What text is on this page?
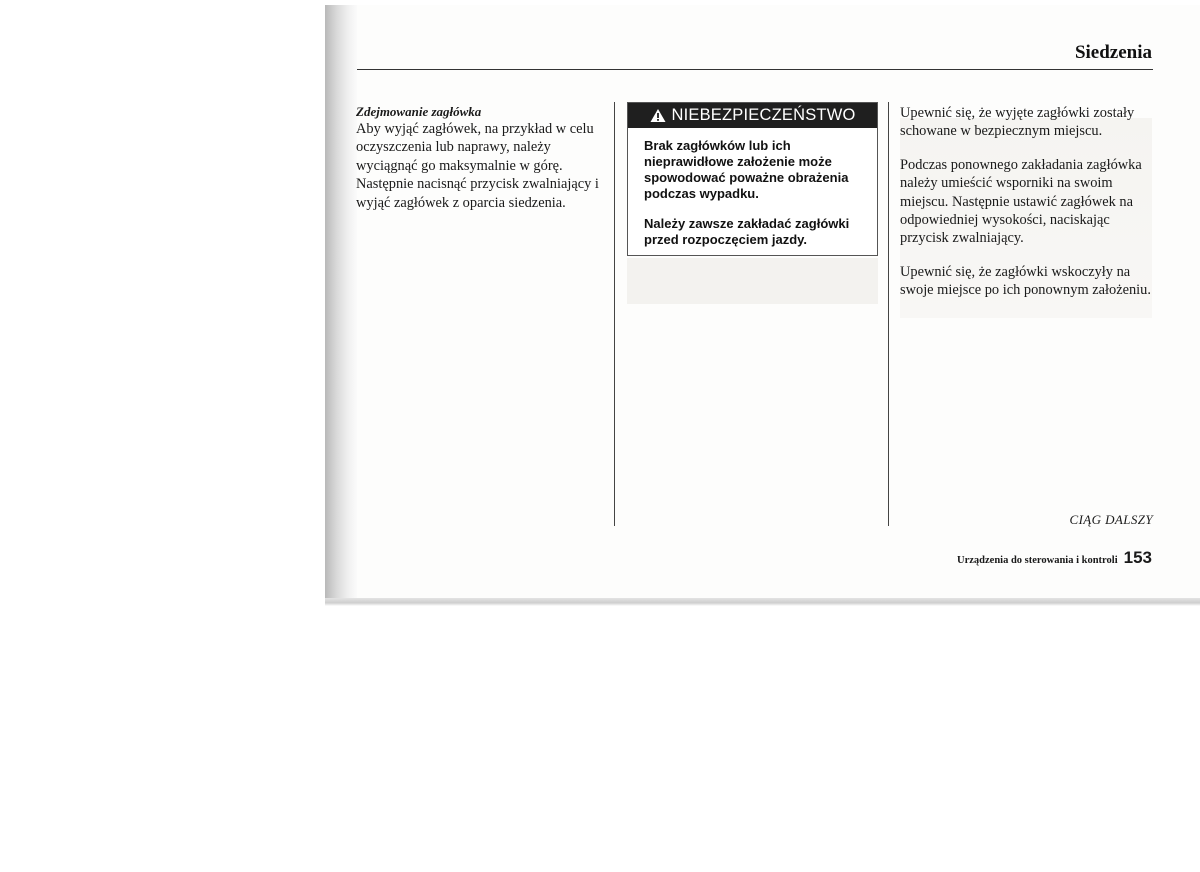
Siedzenia
Zdejmowanie zagłówka
Aby wyjąć zagłówek, na przykład w celu oczyszczenia lub naprawy, należy wyciągnąć go maksymalnie w górę. Następnie nacisnąć przycisk zwalniający i wyjąć zagłówek z oparcia siedzenia.
NIEBEZPIECZEŃSTWO

Brak zagłówków lub ich nieprawidłowe założenie może spowodować poważne obrażenia podczas wypadku.

Należy zawsze zakładać zagłówki przed rozpoczęciem jazdy.

Upewnić się, że wyjęte zagłówki zostały schowane w bezpiecznym miejscu.

Podczas ponownego zakładania zagłówka należy umieścić wsporniki na swoim miejscu. Następnie ustawić zagłówek na odpowiedniej wysokości, naciskając przycisk zwalniający.

Upewnić się, że zagłówki wskoczyły na swoje miejsce po ich ponownym założeniu.

CIĄG DALSZY
Urządzenia do sterowania i kontroli 153
